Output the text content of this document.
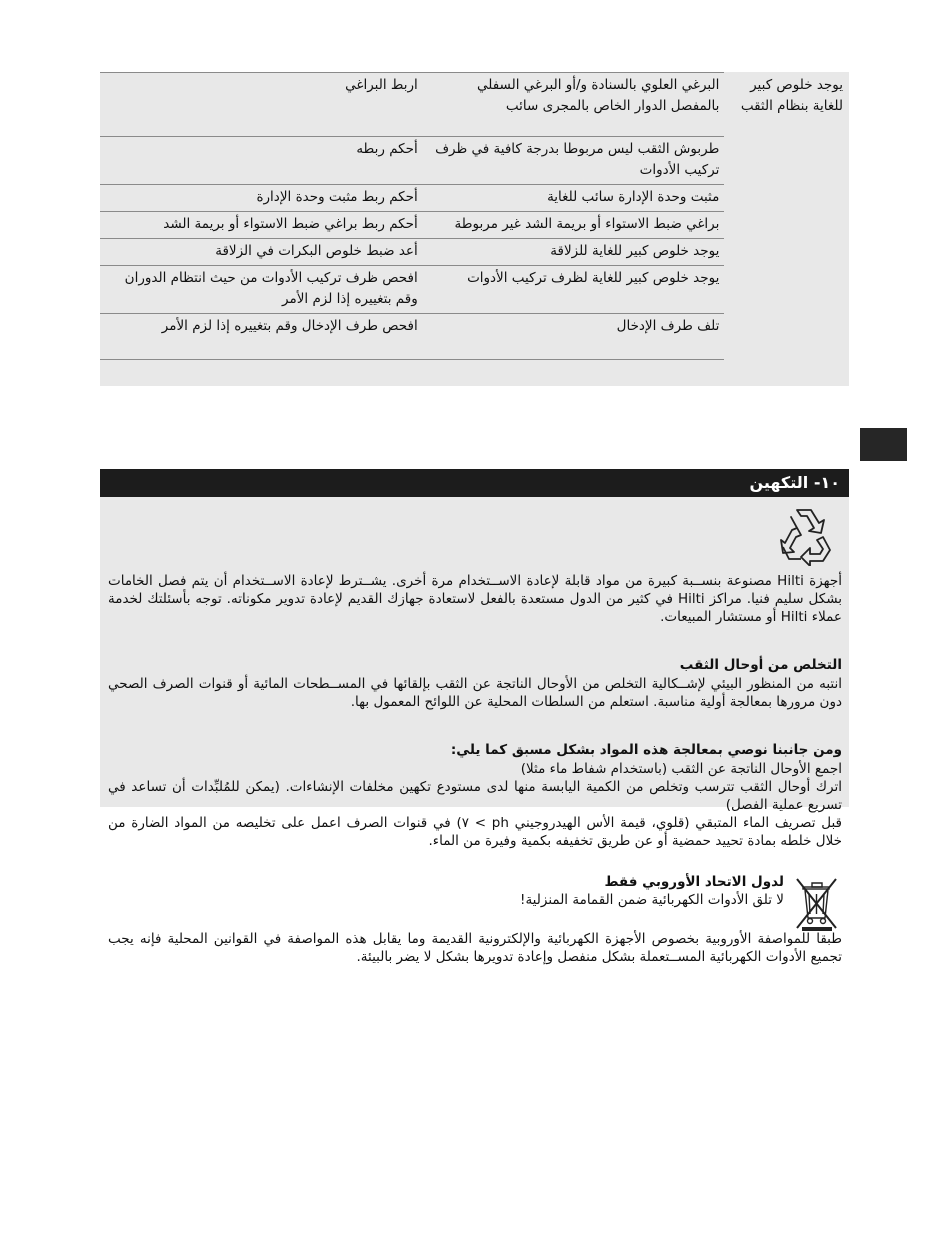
يوجد خلوص كبير للغاية بنظام الثقب	البرغي العلوي بالسنادة و/أو البرغي السفلي بالمفصل الدوار الخاص بالمجرى سائب	اربط البراغي
	طربوش الثقب ليس مربوطا بدرجة كافية في ظرف تركيب الأدوات	أحكم ربطه
	مثبت وحدة الإدارة سائب للغاية	أحكم ربط مثبت وحدة الإدارة
	براغي ضبط الاستواء أو بريمة الشد غير مربوطة	أحكم ربط براغي ضبط الاستواء أو بريمة الشد
	يوجد خلوص كبير للغاية للزلاقة	أعد ضبط خلوص البكرات في الزلاقة
	يوجد خلوص كبير للغاية لظرف تركيب الأدوات	افحص ظرف تركيب الأدوات من حيث انتظام الدوران وقم بتغييره إذا لزم الأمر
	تلف طرف الإدخال	افحص طرف الإدخال وقم بتغييره إذا لزم الأمر
١٠- التكهين

أجهزة Hilti مصنوعة بنســبة كبيرة من مواد قابلة لإعادة الاســتخدام مرة أخرى. يشــترط لإعادة الاســتخدام أن يتم فصل الخامات بشكل سليم فنيا. مراكز Hilti في كثير من الدول مستعدة بالفعل لاستعادة جهازك القديم لإعادة تدوير مكوناته. توجه بأسئلتك لخدمة عملاء Hilti أو مستشار المبيعات.

التخلص من أوحال الثقب

انتبه من المنظور البيئي لإشــكالية التخلص من الأوحال الناتجة عن الثقب بإلقائها في المســطحات المائية أو قنوات الصرف الصحي دون مرورها بمعالجة أولية مناسبة. استعلم من السلطات المحلية عن اللوائح المعمول بها.

ومن جانبنا نوصي بمعالجة هذه المواد بشكل مسبق كما يلي:

اجمع الأوحال الناتجة عن الثقب (باستخدام شفاط ماء مثلا)

اترك أوحال الثقب تترسب وتخلص من الكمية اليابسة منها لدى مستودع تكهين مخلفات الإنشاءات. (يمكن للمُلبِّدات أن تساعد في تسريع عملية الفصل)

قبل تصريف الماء المتبقي (قلوي، قيمة الأس الهيدروجيني ph > ٧) في قنوات الصرف اعمل على تخليصه من المواد الضارة من خلال خلطه بمادة تحييد حمضية أو عن طريق تخفيفه بكمية وفيرة من الماء.

لدول الاتحاد الأوروبي فقط

لا تلق الأدوات الكهربائية ضمن القمامة المنزلية!

طبقا للمواصفة الأوروبية بخصوص الأجهزة الكهربائية والإلكترونية القديمة وما يقابل هذه المواصفة في القوانين المحلية فإنه يجب تجميع الأدوات الكهربائية المســتعملة بشكل منفصل وإعادة تدويرها بشكل لا يضر بالبيئة.
